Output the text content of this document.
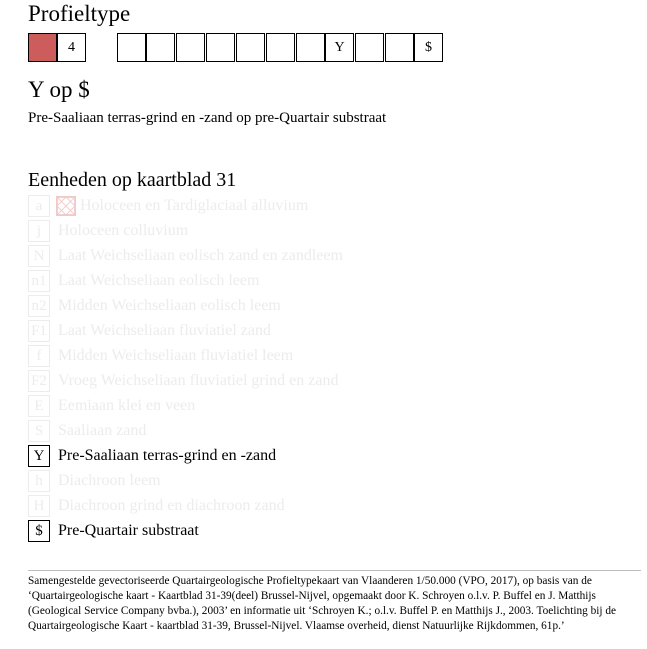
Profieltype
4	Y	$
Y op $
Pre-Saaliaan terras-grind en -zand op pre-Quartair substraat
Eenheden op kaartblad 31
a	Holoceen en Tardiglaciaal alluvium
j	Holoceen colluvium
N Laat Weichseliaan eolisch zand en zandleem
n1 Laat Weichseliaan eolisch leem
n2 Midden Weichseliaan eolisch leem
F1 Laat Weichseliaan fluviatiel zand
f	Midden Weichseliaan fluviatiel leem
F2 Vroeg Weichseliaan fluviatiel grind en zand
E Eemiaan klei en veen
S Saaliaan zand
Y Pre-Saaliaan terras-grind en -zand
h Diachroon leem
H Diachroon grind en diachroon zand
$ Pre-Quartair substraat
Samengestelde gevectoriseerde Quartairgeologische Profieltypekaart van Vlaanderen 1/50.000 (VPO, 2017), op basis van de ‘Quartairgeologische kaart - Kaartblad 31-39(deel) Brussel-Nijvel, opgemaakt door K. Schroyen o.l.v. P. Buffel en J. Matthijs (Geological Service Company bvba.), 2003’ en informatie uit ‘Schroyen K.; o.l.v. Buffel P. en Matthijs J., 2003. Toelichting bij de Quartairgeologische Kaart - kaartblad 31-39, Brussel-Nijvel. Vlaamse overheid, dienst Natuurlijke Rijkdommen, 61p.’
